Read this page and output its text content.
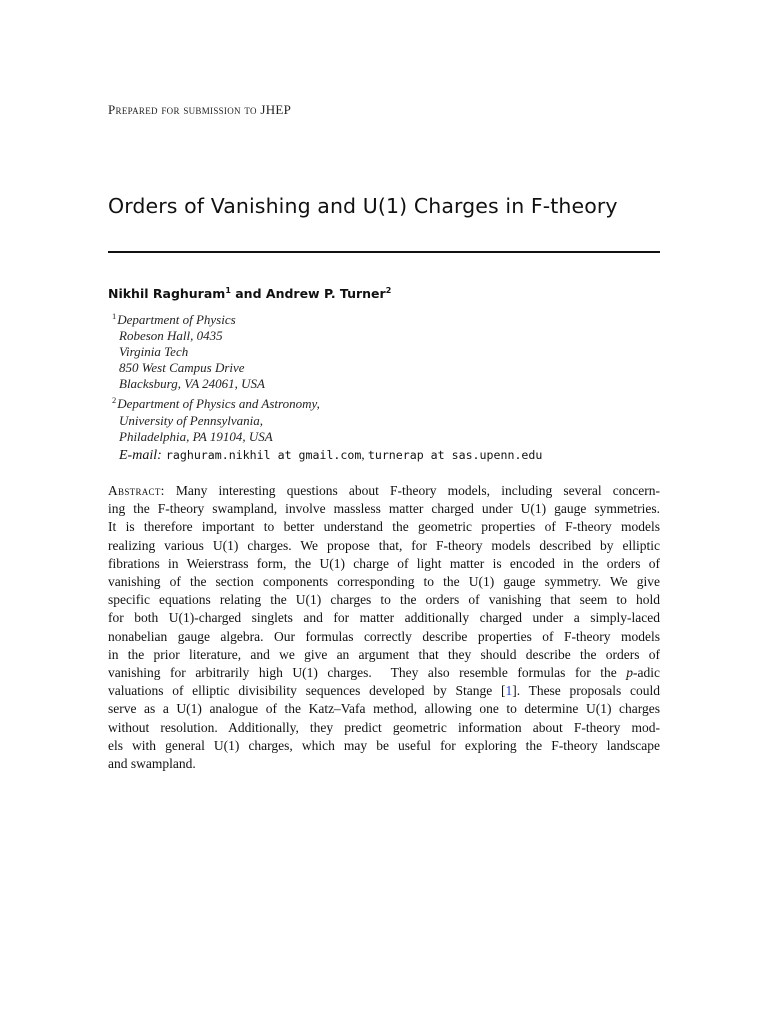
Prepared for submission to JHEP
Orders of Vanishing and U(1) Charges in F-theory
Nikhil Raghuram$^1$ and Andrew P. Turner$^2$
$^1$Department of Physics
Robeson Hall, 0435
Virginia Tech
850 West Campus Drive
Blacksburg, VA 24061, USA
$^2$Department of Physics and Astronomy,
University of Pennsylvania,
Philadelphia, PA 19104, USA
E-mail: raghuram.nikhil at gmail.com, turnerap at sas.upenn.edu
Abstract: Many interesting questions about F-theory models, including several concern-
ing the F-theory swampland, involve massless matter charged under U(1) gauge symmetries.
It is therefore important to better understand the geometric properties of F-theory models
realizing various U(1) charges. We propose that, for F-theory models described by elliptic
fibrations in Weierstrass form, the U(1) charge of light matter is encoded in the orders of
vanishing of the section components corresponding to the U(1) gauge symmetry. We give
specific equations relating the U(1) charges to the orders of vanishing that seem to hold
for both U(1)-charged singlets and for matter additionally charged under a simply-laced
nonabelian gauge algebra. Our formulas correctly describe properties of F-theory models
in the prior literature, and we give an argument that they should describe the orders of
vanishing for arbitrarily high U(1) charges.  They also resemble formulas for the p-adic
valuations of elliptic divisibility sequences developed by Stange [1]. These proposals could
serve as a U(1) analogue of the Katz–Vafa method, allowing one to determine U(1) charges
without resolution. Additionally, they predict geometric information about F-theory mod-
els with general U(1) charges, which may be useful for exploring the F-theory landscape
and swampland.
